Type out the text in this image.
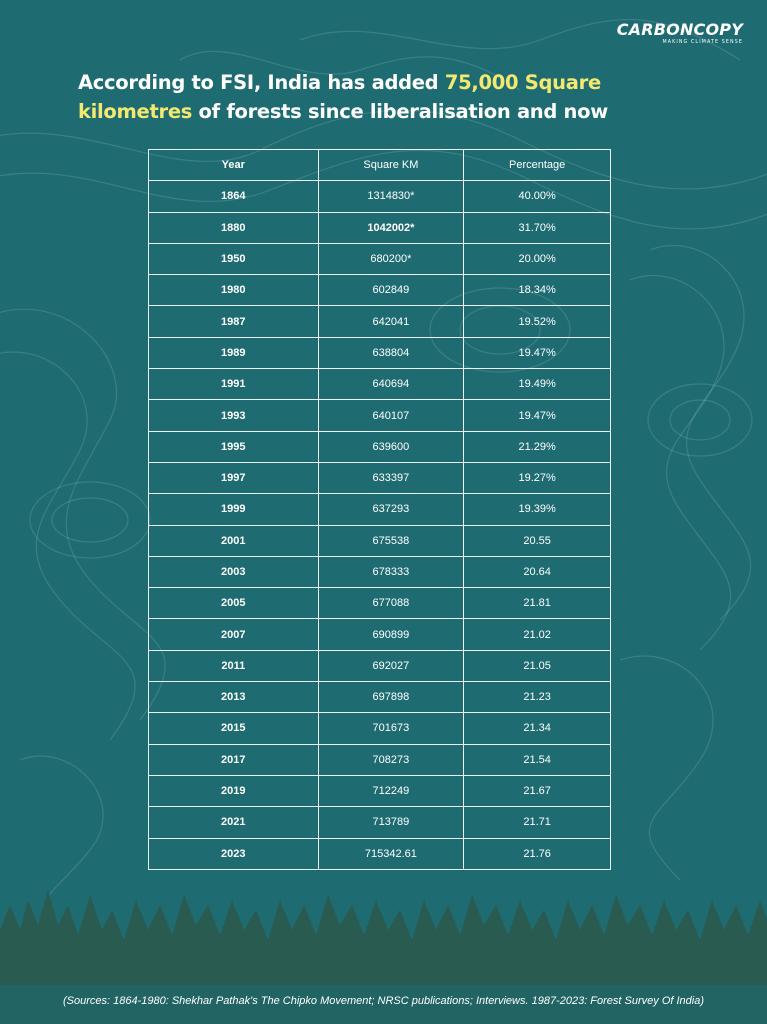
CARBONCOPY
MAKING CLIMATE SENSE
According to FSI, India has added 75,000 Square kilometres of forests since liberalisation and now
Year	Square KM	Percentage
1864	1314830*	40.00%
1880	1042002*	31.70%
1950	680200*	20.00%
1980	602849	18.34%
1987	642041	19.52%
1989	638804	19.47%
1991	640694	19.49%
1993	640107	19.47%
1995	639600	21.29%
1997	633397	19.27%
1999	637293	19.39%
2001	675538	20.55
2003	678333	20.64
2005	677088	21.81
2007	690899	21.02
2011	692027	21.05
2013	697898	21.23
2015	701673	21.34
2017	708273	21.54
2019	712249	21.67
2021	713789	21.71
2023	715342.61	21.76
(Sources: 1864-1980: Shekhar Pathak's The Chipko Movement; NRSC publications; Interviews. 1987-2023: Forest Survey Of India)
